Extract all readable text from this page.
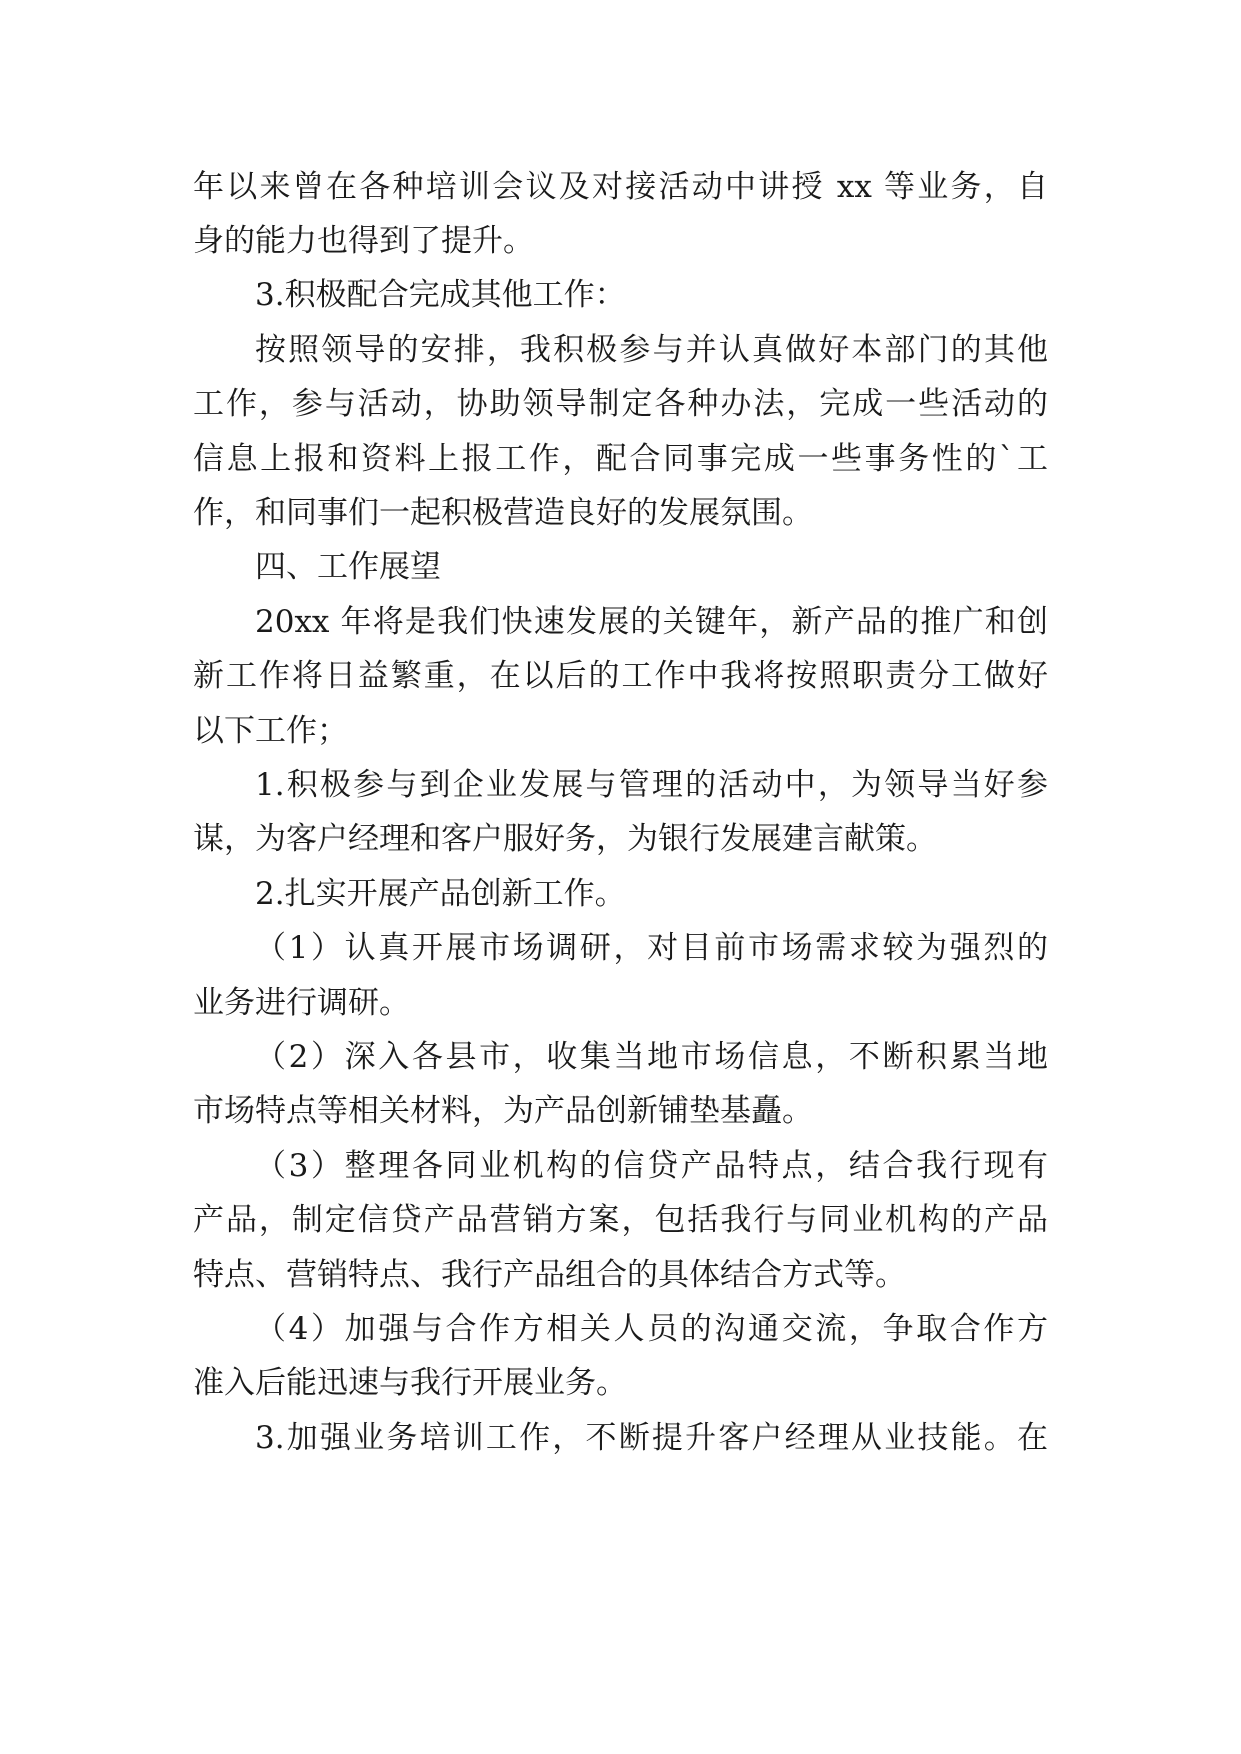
年以来曾在各种培训会议及对接活动中讲授 xx 等业务，自
身的能力也得到了提升。
3.积极配合完成其他工作：
按照领导的安排，我积极参与并认真做好本部门的其他
工作，参与活动，协助领导制定各种办法，完成一些活动的
信息上报和资料上报工作，配合同事完成一些事务性的`工
作，和同事们一起积极营造良好的发展氛围。
四、工作展望
20xx 年将是我们快速发展的关键年，新产品的推广和创
新工作将日益繁重，在以后的工作中我将按照职责分工做好
以下工作；
1.积极参与到企业发展与管理的活动中，为领导当好参
谋，为客户经理和客户服好务，为银行发展建言献策。
2.扎实开展产品创新工作。
（1）认真开展市场调研，对目前市场需求较为强烈的
业务进行调研。
（2）深入各县市，收集当地市场信息，不断积累当地
市场特点等相关材料，为产品创新铺垫基矗。
（3）整理各同业机构的信贷产品特点，结合我行现有
产品，制定信贷产品营销方案，包括我行与同业机构的产品
特点、营销特点、我行产品组合的具体结合方式等。
（4）加强与合作方相关人员的沟通交流，争取合作方
准入后能迅速与我行开展业务。
3.加强业务培训工作，不断提升客户经理从业技能。在
